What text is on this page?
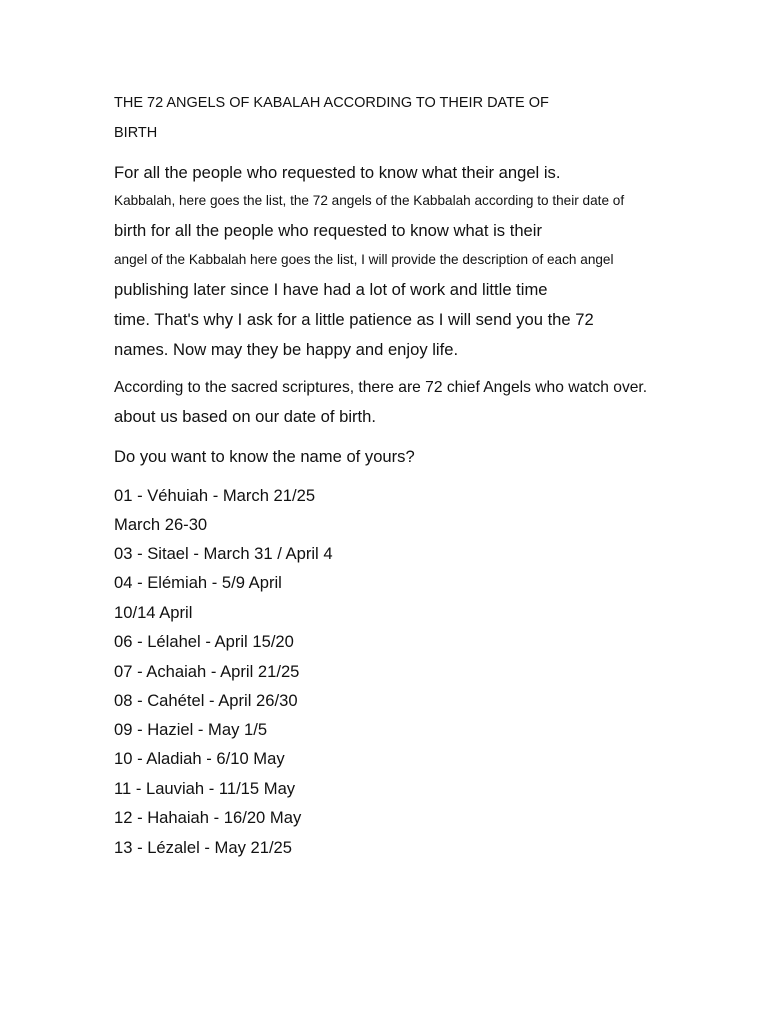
THE 72 ANGELS OF KABALAH ACCORDING TO THEIR DATE OF
BIRTH
For all the people who requested to know what their angel is.
Kabbalah, here goes the list, the 72 angels of the Kabbalah according to their date of
birth for all the people who requested to know what is their
angel of the Kabbalah here goes the list, I will provide the description of each angel
publishing later since I have had a lot of work and little time
time. That's why I ask for a little patience as I will send you the 72
names. Now may they be happy and enjoy life.
According to the sacred scriptures, there are 72 chief Angels who watch over.
about us based on our date of birth.
Do you want to know the name of yours?
01 - Véhuiah - March 21/25
March 26-30
03 - Sitael - March 31 / April 4
04 - Elémiah - 5/9 April
10/14 April
06 - Lélahel - April 15/20
07 - Achaiah - April 21/25
08 - Cahétel - April 26/30
09 - Haziel - May 1/5
10 - Aladiah - 6/10 May
11 - Lauviah - 11/15 May
12 - Hahaiah - 16/20 May
13 - Lézalel - May 21/25
